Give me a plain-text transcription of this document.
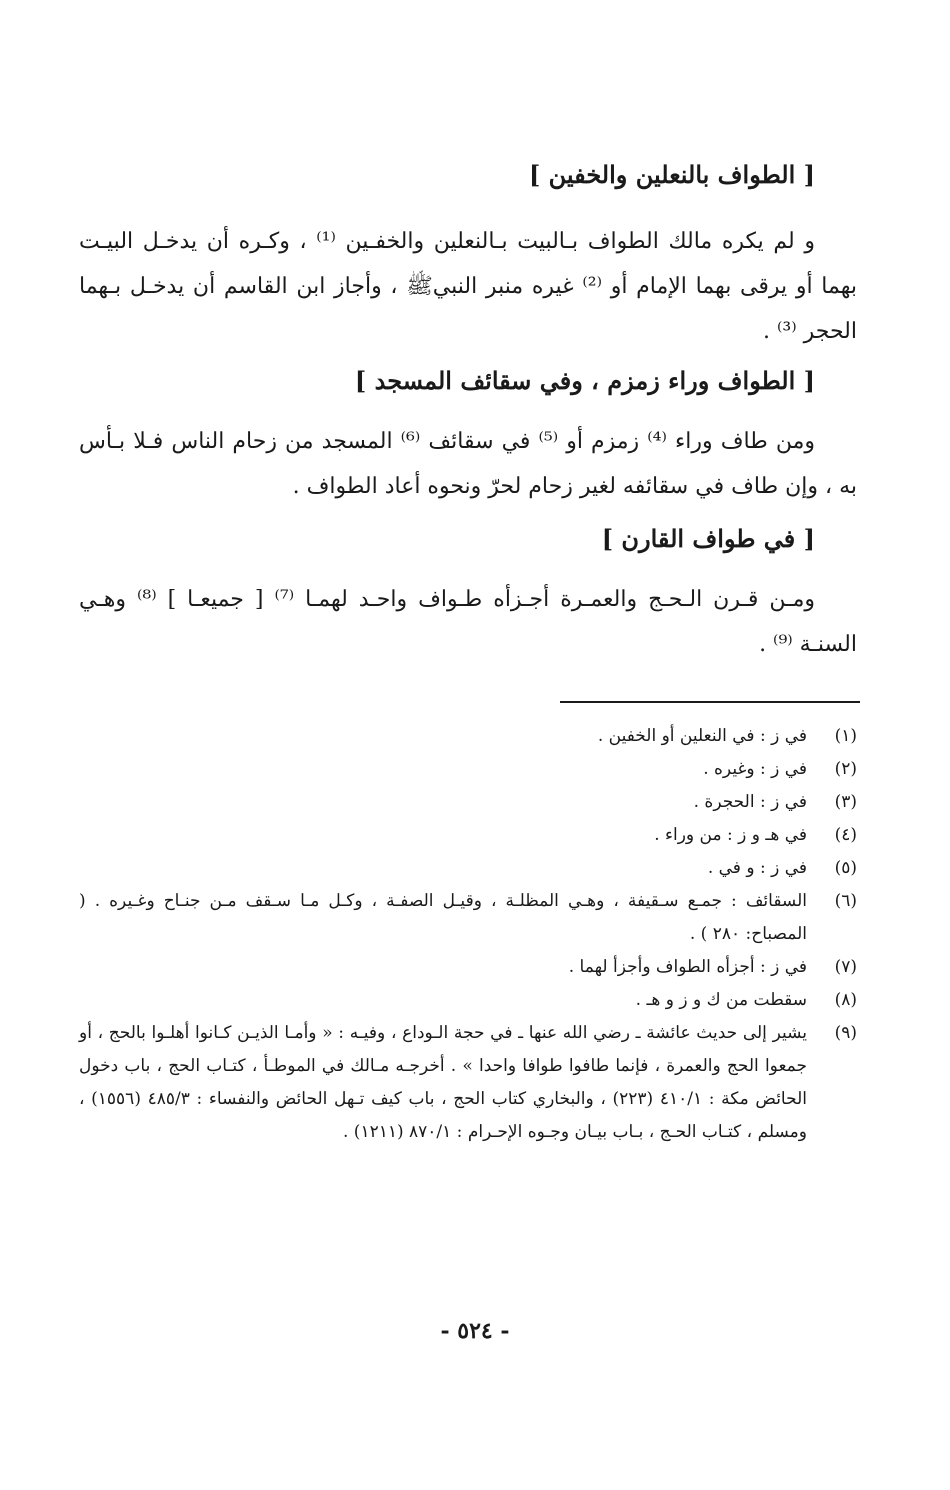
[ الطواف بالنعلين والخفين ]

و لم يكره مالك الطواف بـالبيت بـالنعلين والخفـين ⁽¹⁾ ، وكـره أن يدخـل البيـت بهما أو يرقى بهما الإمام أو ⁽²⁾ غيره منبر النبيﷺ ، وأجاز ابن القاسم أن يدخـل بـهما الحجر ⁽³⁾ .

[ الطواف وراء زمزم ، وفي سقائف المسجد ]

ومن طاف وراء ⁽⁴⁾ زمزم أو ⁽⁵⁾ في سقائف ⁽⁶⁾ المسجد من زحام الناس فـلا بـأس به ، وإن طاف في سقائفه لغير زحام لحرّ ونحوه أعاد الطواف .

[ في طواف القارن ]

ومـن قـرن الـحـج والعمـرة أجـزأه طـواف واحـد لهمـا ⁽⁷⁾ [ جميعـا ] ⁽⁸⁾ وهـي السنـة ⁽⁹⁾ .

(١)
في ز : في النعلين أو الخفين .
(٢)
في ز : وغيره .
(٣)
في ز : الحجرة .
(٤)
في هـ و ز : من وراء .
(٥)
في ز : و في .
(٦)
السقائف : جمـع سـقيفة ، وهـي المظلـة ، وقيـل الصفـة ، وكـل مـا سـقف مـن جنـاح وغـيره . ( المصباح: ٢٨٠ ) .
(٧)
في ز : أجزأه الطواف وأجزأ لهما .
(٨)
سقطت من ك و ز و هـ .
(٩)
يشير إلى حديث عائشة ـ رضي الله عنها ـ في حجة الـوداع ، وفيـه : « وأمـا الذيـن كـانوا أهلـوا بالحج ، أو جمعوا الحج والعمرة ، فإنما طافوا طوافا واحدا » . أخرجـه مـالك في الموطـأ ، كتـاب الحج ، باب دخول الحائض مكة : ٤١٠/١ (٢٢٣) ، والبخاري كتاب الحج ، باب كيف تـهل الحائض والنفساء : ٤٨٥/٣ (١٥٥٦) ، ومسلم ، كتـاب الحـج ، بـاب بيـان وجـوه الإحـرام : ٨٧٠/١ (١٢١١) .
- ٥٢٤ -
